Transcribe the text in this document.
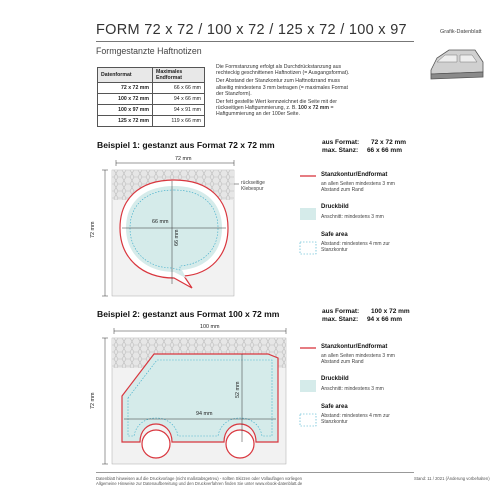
FORM 72 x 72 / 100 x 72 / 125 x 72 / 100 x 97	Grafik-Datenblatt
Formgestanzte Haftnotizen
Datenformat	Maximales Endformat
72 x 72 mm	66 x 66 mm
100 x 72 mm	94 x 66 mm
100 x 97 mm	94 x 91 mm
125 x 72 mm	119 x 66 mm
Die Formstanzung erfolgt als Durchdrückstanzung aus rechteckig geschnittenen Haftnotizen (= Ausgangsformat).
Der Abstand der Stanzkontur zum Haftnotizrand muss allseitig mindestens 3 mm betragen (= maximales Format der Stanzform).
Der fett gestellte Wert kennzeichnet die Seite mit der rückseitigen Haftgummierung, z. B. 100 x 72 mm = Haftgummierung an der 100er Seite.
Beispiel 1: gestanzt aus Format 72 x 72 mm	aus Format: 72 x 72 mm
max. Stanz: 66 x 66 mm
72 mm
72 mm	66 mm
66 mm
rückseitige Klebespur
Stanzkontur/Endformat
an allen Seiten mindestens 3 mm Abstand zum Rand
Druckbild
Anschnitt: mindestens 3 mm
Safe area
Abstand: mindestens 4 mm zur Stanzkontur
Beispiel 2: gestanzt aus Format 100 x 72 mm	aus Format: 100 x 72 mm
max. Stanz: 94 x 66 mm
100 mm
72 mm
94 mm
52 mm
Stanzkontur/Endformat
an allen Seiten mindestens 3 mm Abstand zum Rand
Druckbild
Anschnitt: mindestens 3 mm
Safe area
Abstand: mindestens 4 mm zur Stanzkontur
Datenblatt hinweisen auf die Druckvorlage (nicht maßstabsgetreu) - sollten Skizzen oder Vollauflagen vorliegen
Allgemeine Hinweise zur Datenaufbereitung und den Druckverfahren finden Sie unter www.ebook-datenblatt.de
Stand: 11 / 2021 (Änderung vorbehalten)
